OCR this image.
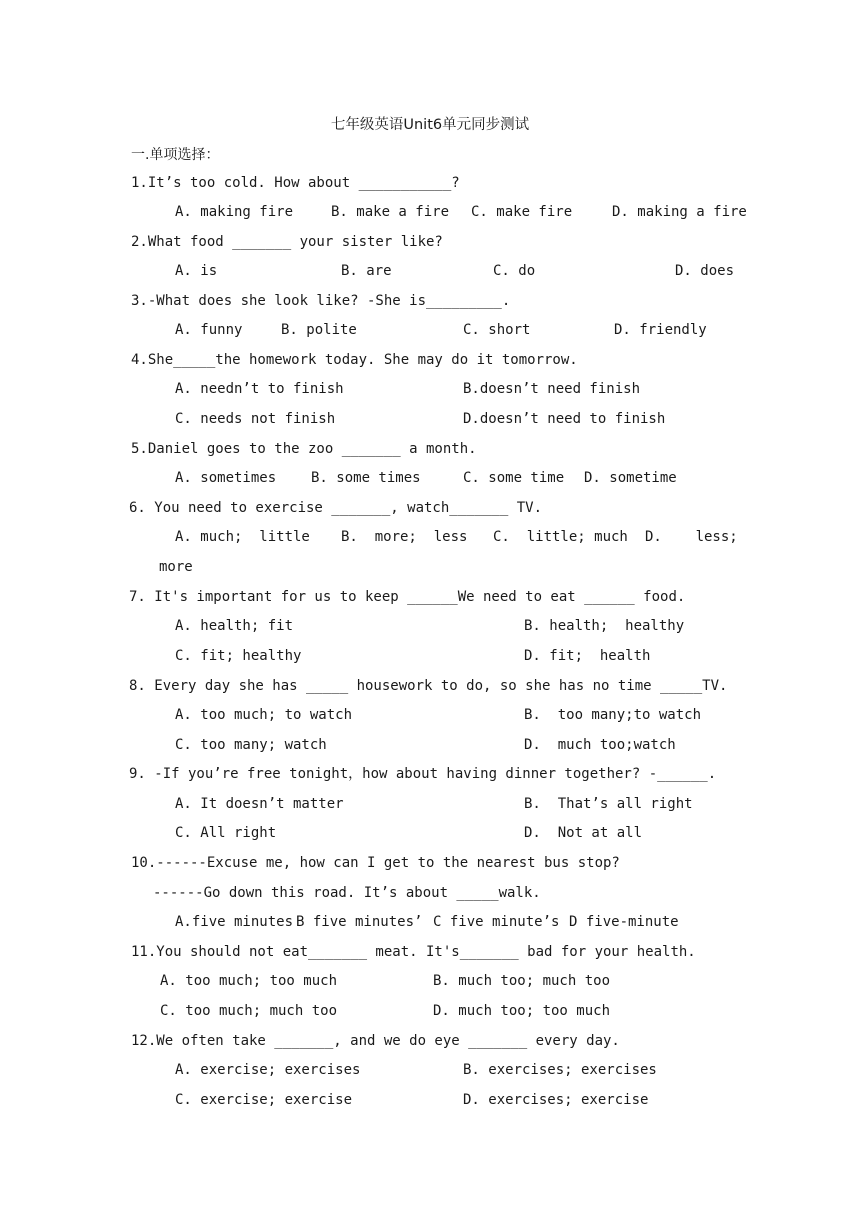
七年级英语Unit6单元同步测试
一.单项选择：
1.It’s too cold. How about ___________?
A. making fire	B. make a fire C. make fire	D. making a fire
2.What food _______ your sister like?
A. is	B. are	C. do	D. does
3.-What does she look like? -She is_________.
A. funny	B. polite	C. short	D. friendly
4.She_____the homework today. She may do it tomorrow.
A. needn’t to finish	B.doesn’t need finish
C. needs not finish	D.doesn’t need to finish
5.Daniel goes to the zoo _______ a month.
A. sometimes B. some times	C. some time D. sometime
6. You need to exercise _______, watch_______ TV.
A. much;  little B.  more;  less C.  little; much D.    less;
more
7. It's important for us to keep ______We need to eat ______ food.
A. health; fit	B. health;  healthy
C. fit; healthy	D. fit;  health
8. Every day she has _____ housework to do, so she has no time _____TV.
A. too much; to watch	B.  too many;to watch
C. too many; watch	D.  much too;watch
9. -If you’re free tonight，how about having dinner together? -______.
A. It doesn’t matter	B.  That’s all right
C. All right	D.  Not at all
10.------Excuse me, how can I get to the nearest bus stop?
------Go down this road. It’s about _____walk.
A.five minutes B five minutes’ C five minute’s D five-minute
11.You should not eat_______ meat. It's_______ bad for your health.
A. too much; too much	B. much too; much too
C. too much; much too	D. much too; too much
12.We often take _______, and we do eye _______ every day.
A. exercise; exercises	B. exercises; exercises
C. exercise; exercise	D. exercises; exercise
